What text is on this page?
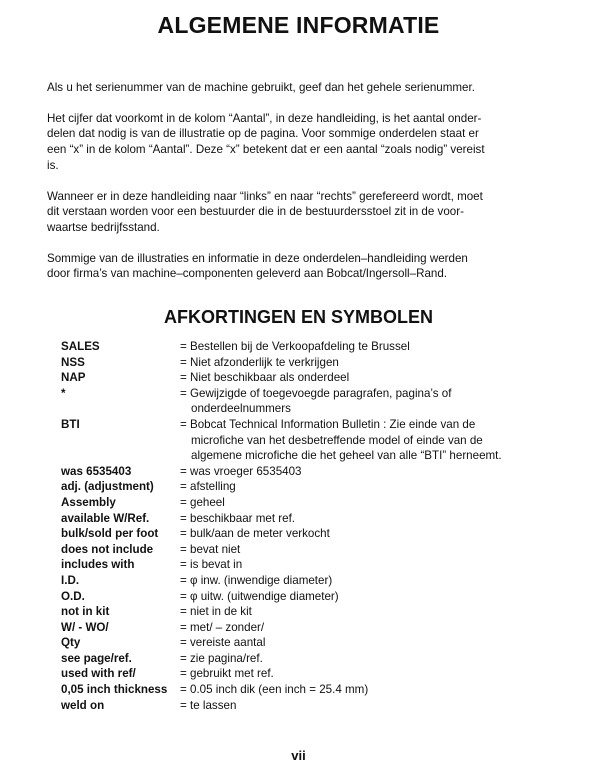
ALGEMENE INFORMATIE

Als u het serienummer van de machine gebruikt, geef dan het gehele serienummer.

Het cijfer dat voorkomt in de kolom “Aantal”, in deze handleiding, is het aantal onder-
delen dat nodig is van de illustratie op de pagina. Voor sommige onderdelen staat er
een “x” in de kolom “Aantal”. Deze “x” betekent dat er een aantal “zoals nodig” vereist
is.

Wanneer er in deze handleiding naar “links” en naar “rechts” gerefereerd wordt, moet
dit verstaan worden voor een bestuurder die in de bestuurdersstoel zit in de voor-
waartse bedrijfsstand.

Sommige van de illustraties en informatie in deze onderdelen–handleiding werden
door firma’s van machine–componenten geleverd aan Bobcat/Ingersoll–Rand.

AFKORTINGEN EN SYMBOLEN
SALES	= Bestellen bij de Verkoopafdeling te Brussel
NSS	= Niet afzonderlijk te verkrijgen
NAP	= Niet beschikbaar als onderdeel
*	= Gewijzigde of toegevoegde paragrafen, pagina’s of
onderdeelnummers
BTI	= Bobcat Technical Information Bulletin : Zie einde van de
microfiche van het desbetreffende model of einde van de
algemene microfiche die het geheel van alle “BTI” herneemt.
was 6535403	= was vroeger 6535403
adj. (adjustment)	= afstelling
Assembly	= geheel
available W/Ref.	= beschikbaar met ref.
bulk/sold per foot	= bulk/aan de meter verkocht
does not include	= bevat niet
includes with	= is bevat in
I.D.	= φ inw. (inwendige diameter)
O.D.	= φ uitw. (uitwendige diameter)
not in kit	= niet in de kit
W/ - WO/	= met/ – zonder/
Qty	= vereiste aantal
see page/ref.	= zie pagina/ref.
used with ref/	= gebruikt met ref.
0,05 inch thickness	= 0.05 inch dik (een inch = 25.4 mm)
weld on	= te lassen
vii
